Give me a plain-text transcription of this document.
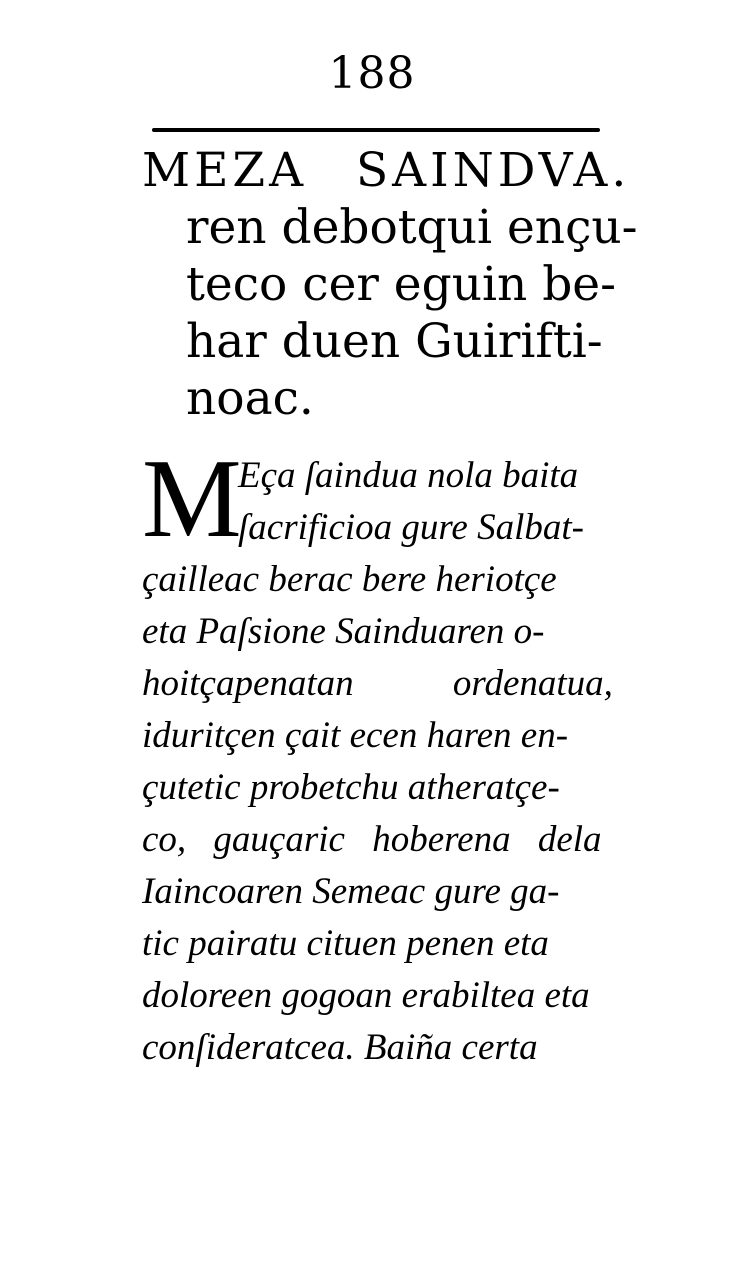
188
MEZA SAINDVA.
ren debotqui ençu-
teco cer eguin be-
har duen Guirifti-
noac.
M
Eça ſaindua nola baita
ſacrificioa gure Salbat-
çailleac berac bere heriotçe
eta Paſsione Sainduaren o-
hoitçapenatan ordenatua,
iduritçen çait ecen haren en-
çutetic probetchu atheratçe-
co, gauçaric hoberena dela
Iaincoaren Semeac gure ga-
tic pairatu cituen penen eta
doloreen gogoan erabiltea eta
conſideratcea. Baiña certa
